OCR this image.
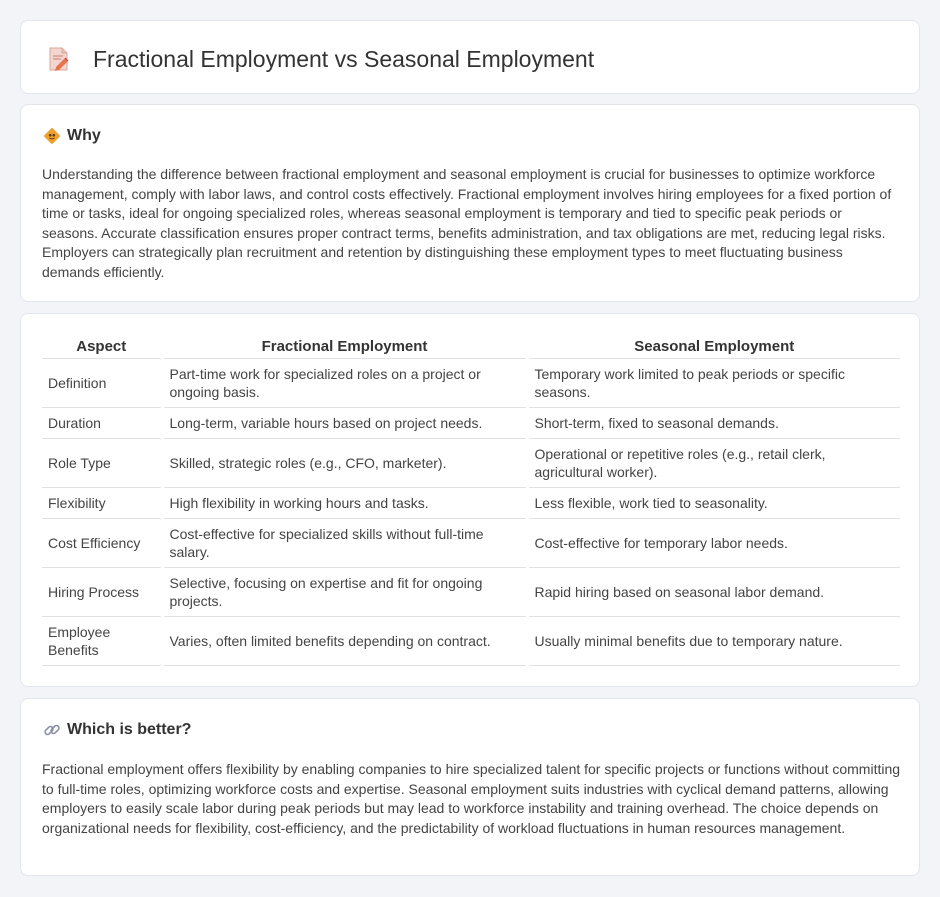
Fractional Employment vs Seasonal Employment
Why

Understanding the difference between fractional employment and seasonal employment is crucial for businesses to optimize workforce management, comply with labor laws, and control costs effectively. Fractional employment involves hiring employees for a fixed portion of time or tasks, ideal for ongoing specialized roles, whereas seasonal employment is temporary and tied to specific peak periods or seasons. Accurate classification ensures proper contract terms, benefits administration, and tax obligations are met, reducing legal risks. Employers can strategically plan recruitment and retention by distinguishing these employment types to meet fluctuating business demands efficiently.

Aspect	Fractional Employment	Seasonal Employment
Definition	Part-time work for specialized roles on a project or ongoing basis.	Temporary work limited to peak periods or specific seasons.
Duration	Long-term, variable hours based on project needs.	Short-term, fixed to seasonal demands.
Role Type	Skilled, strategic roles (e.g., CFO, marketer).	Operational or repetitive roles (e.g., retail clerk, agricultural worker).
Flexibility	High flexibility in working hours and tasks.	Less flexible, work tied to seasonality.
Cost Efficiency	Cost-effective for specialized skills without full-time salary.	Cost-effective for temporary labor needs.
Hiring Process	Selective, focusing on expertise and fit for ongoing projects.	Rapid hiring based on seasonal labor demand.
Employee Benefits	Varies, often limited benefits depending on contract.	Usually minimal benefits due to temporary nature.
Which is better?

Fractional employment offers flexibility by enabling companies to hire specialized talent for specific projects or functions without committing to full-time roles, optimizing workforce costs and expertise. Seasonal employment suits industries with cyclical demand patterns, allowing employers to easily scale labor during peak periods but may lead to workforce instability and training overhead. The choice depends on organizational needs for flexibility, cost-efficiency, and the predictability of workload fluctuations in human resources management.
